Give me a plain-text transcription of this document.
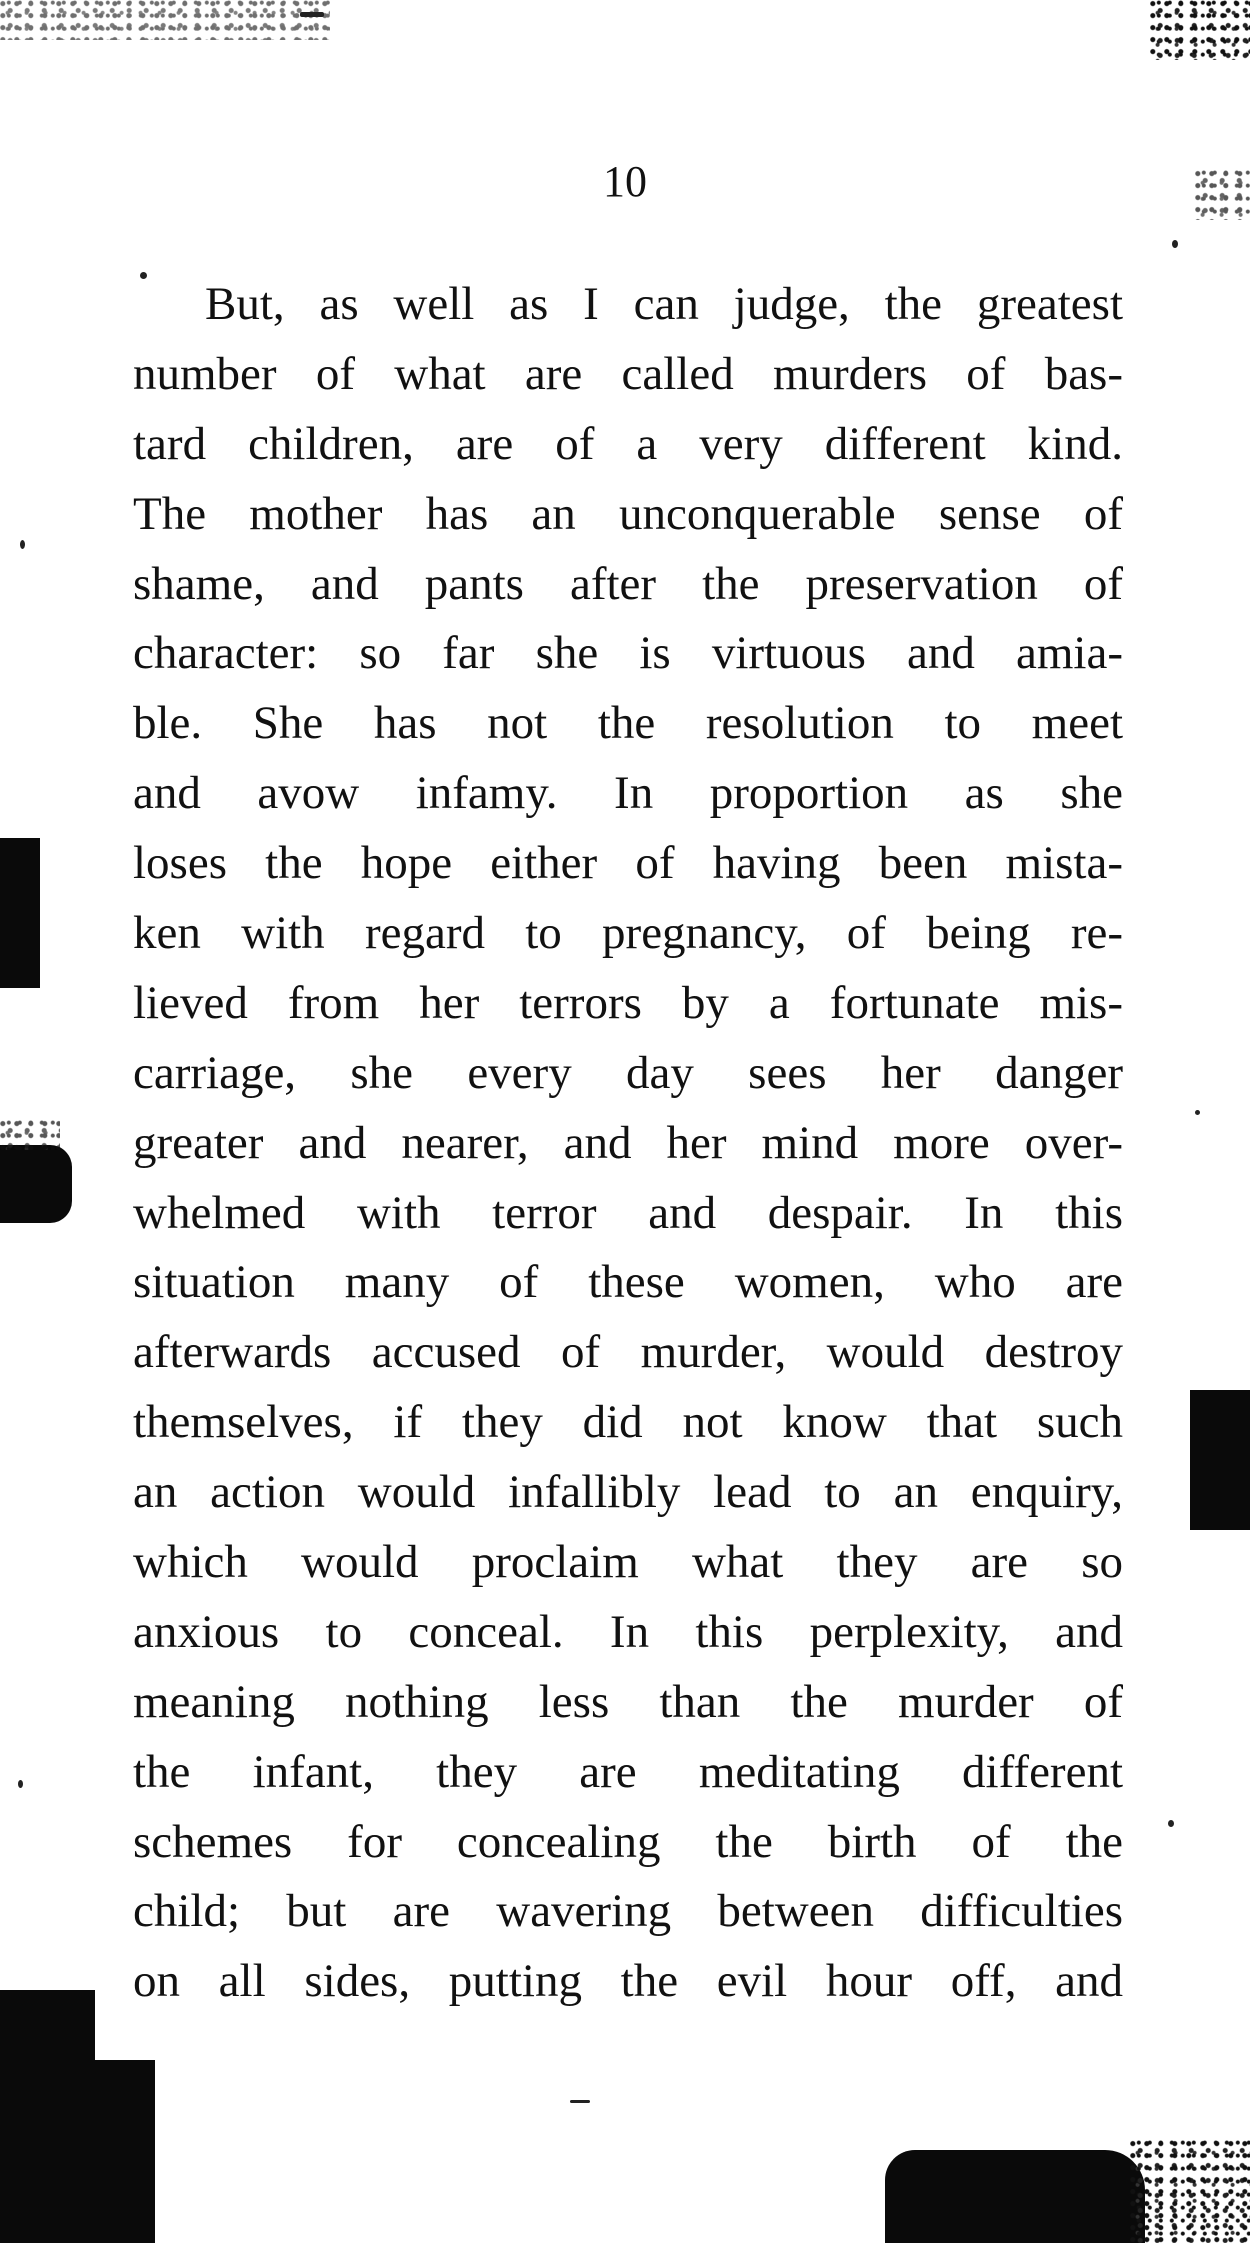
10
But, as well as I can judge, the greatest
number of what are called murders of bas-
tard children, are of a very different kind.
The mother has an unconquerable sense of
shame, and pants after the preservation of
character: so far she is virtuous and amia-
ble. She has not the resolution to meet
and avow infamy. In proportion as she
loses the hope either of having been mista-
ken with regard to pregnancy, of being re-
lieved from her terrors by a fortunate mis-
carriage, she every day sees her danger
greater and nearer, and her mind more over-
whelmed with terror and despair. In this
situation many of these women, who are
afterwards accused of murder, would destroy
themselves, if they did not know that such
an action would infallibly lead to an enquiry,
which would proclaim what they are so
anxious to conceal. In this perplexity, and
meaning nothing less than the murder of
the infant, they are meditating different
schemes for concealing the birth of the
child; but are wavering between difficulties
on all sides, putting the evil hour off, and
